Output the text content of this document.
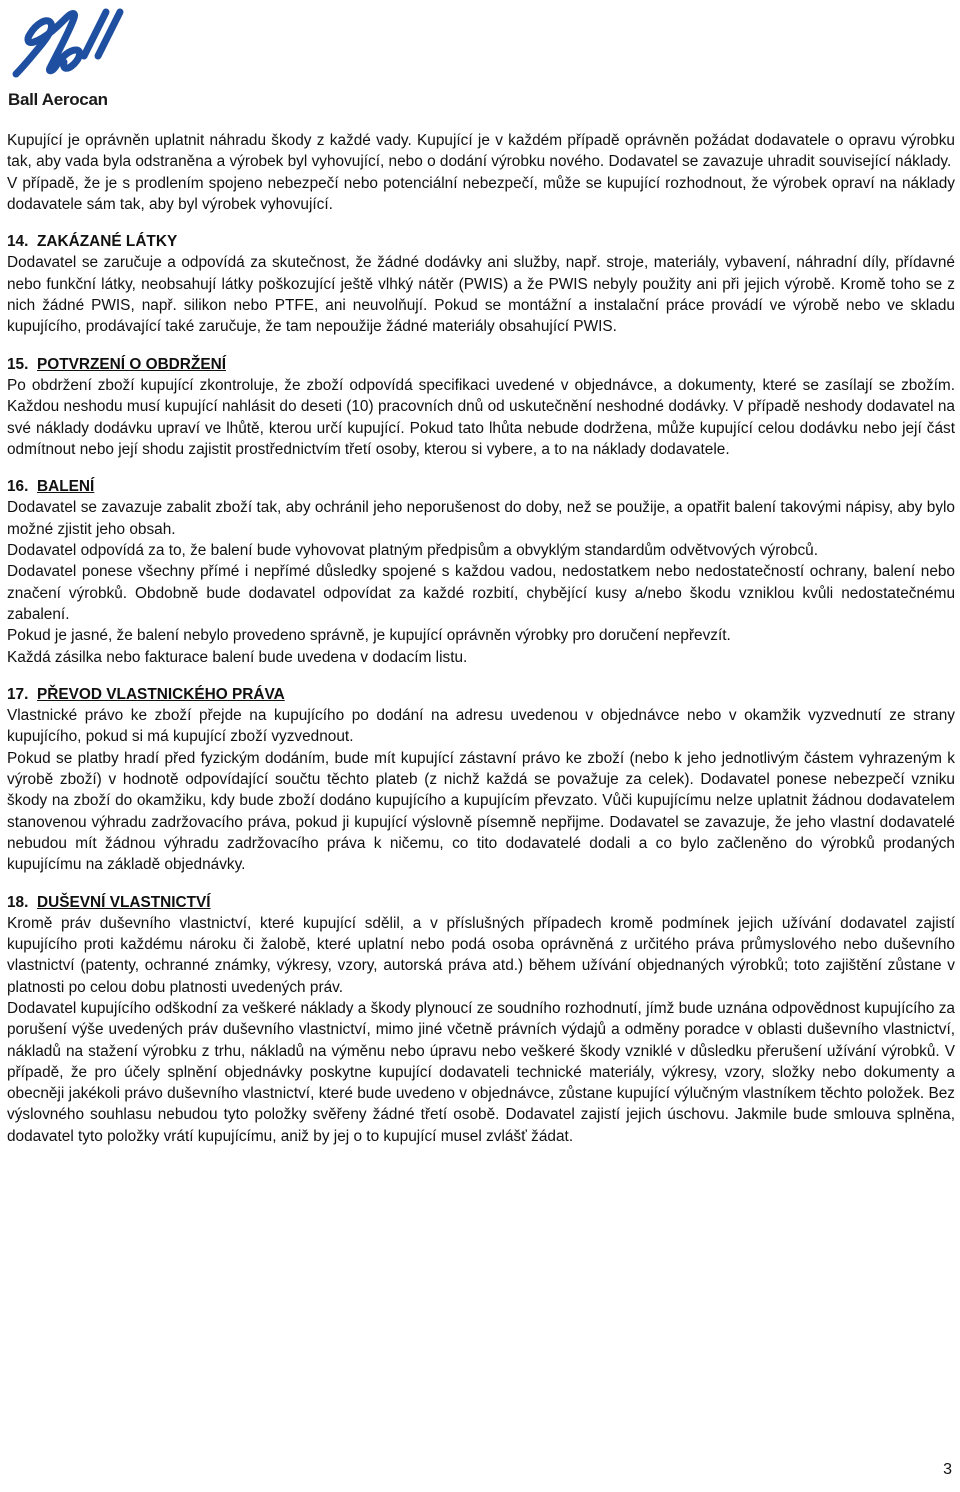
Ball Aerocan

Kupující je oprávněn uplatnit náhradu škody z každé vady. Kupující je v každém případě oprávněn požádat dodavatele o opravu výrobku tak, aby vada byla odstraněna a výrobek byl vyhovující, nebo o dodání výrobku nového. Dodavatel se zavazuje uhradit související náklady.

V případě, že je s prodlením spojeno nebezpečí nebo potenciální nebezpečí, může se kupující rozhodnout, že výrobek opraví na náklady dodavatele sám tak, aby byl výrobek vyhovující.

14. ZAKÁZANÉ LÁTKY

Dodavatel se zaručuje a odpovídá za skutečnost, že žádné dodávky ani služby, např. stroje, materiály, vybavení, náhradní díly, přídavné nebo funkční látky, neobsahují látky poškozující ještě vlhký nátěr (PWIS) a že PWIS nebyly použity ani při jejich výrobě. Kromě toho se z nich žádné PWIS, např. silikon nebo PTFE, ani neuvolňují. Pokud se montážní a instalační práce provádí ve výrobě nebo ve skladu kupujícího, prodávající také zaručuje, že tam nepoužije žádné materiály obsahující PWIS.

15. POTVRZENÍ O OBDRŽENÍ

Po obdržení zboží kupující zkontroluje, že zboží odpovídá specifikaci uvedené v objednávce, a dokumenty, které se zasílají se zbožím. Každou neshodu musí kupující nahlásit do deseti (10) pracovních dnů od uskutečnění neshodné dodávky. V případě neshody dodavatel na své náklady dodávku upraví ve lhůtě, kterou určí kupující. Pokud tato lhůta nebude dodržena, může kupující celou dodávku nebo její část odmítnout nebo její shodu zajistit prostřednictvím třetí osoby, kterou si vybere, a to na náklady dodavatele.

16. BALENÍ

Dodavatel se zavazuje zabalit zboží tak, aby ochránil jeho neporušenost do doby, než se použije, a opatřit balení takovými nápisy, aby bylo možné zjistit jeho obsah.

Dodavatel odpovídá za to, že balení bude vyhovovat platným předpisům a obvyklým standardům odvětvových výrobců.

Dodavatel ponese všechny přímé i nepřímé důsledky spojené s každou vadou, nedostatkem nebo nedostatečností ochrany, balení nebo značení výrobků. Obdobně bude dodavatel odpovídat za každé rozbití, chybějící kusy a/nebo škodu vzniklou kvůli nedostatečnému zabalení.

Pokud je jasné, že balení nebylo provedeno správně, je kupující oprávněn výrobky pro doručení nepřevzít.

Každá zásilka nebo fakturace balení bude uvedena v dodacím listu.

17. PŘEVOD VLASTNICKÉHO PRÁVA

Vlastnické právo ke zboží přejde na kupujícího po dodání na adresu uvedenou v objednávce nebo v okamžik vyzvednutí ze strany kupujícího, pokud si má kupující zboží vyzvednout.

Pokud se platby hradí před fyzickým dodáním, bude mít kupující zástavní právo ke zboží (nebo k jeho jednotlivým částem vyhrazeným k výrobě zboží) v hodnotě odpovídající součtu těchto plateb (z nichž každá se považuje za celek). Dodavatel ponese nebezpečí vzniku škody na zboží do okamžiku, kdy bude zboží dodáno kupujícího a kupujícím převzato. Vůči kupujícímu nelze uplatnit žádnou dodavatelem stanovenou výhradu zadržovacího práva, pokud ji kupující výslovně písemně nepřijme. Dodavatel se zavazuje, že jeho vlastní dodavatelé nebudou mít žádnou výhradu zadržovacího práva k ničemu, co tito dodavatelé dodali a co bylo začleněno do výrobků prodaných kupujícímu na základě objednávky.

18. DUŠEVNÍ VLASTNICTVÍ

Kromě práv duševního vlastnictví, které kupující sdělil, a v příslušných případech kromě podmínek jejich užívání dodavatel zajistí kupujícího proti každému nároku či žalobě, které uplatní nebo podá osoba oprávněná z určitého práva průmyslového nebo duševního vlastnictví (patenty, ochranné známky, výkresy, vzory, autorská práva atd.) během užívání objednaných výrobků; toto zajištění zůstane v platnosti po celou dobu platnosti uvedených práv.

Dodavatel kupujícího odškodní za veškeré náklady a škody plynoucí ze soudního rozhodnutí, jímž bude uznána odpovědnost kupujícího za porušení výše uvedených práv duševního vlastnictví, mimo jiné včetně právních výdajů a odměny poradce v oblasti duševního vlastnictví, nákladů na stažení výrobku z trhu, nákladů na výměnu nebo úpravu nebo veškeré škody vzniklé v důsledku přerušení užívání výrobků. V případě, že pro účely splnění objednávky poskytne kupující dodavateli technické materiály, výkresy, vzory, složky nebo dokumenty a obecněji jakékoli právo duševního vlastnictví, které bude uvedeno v objednávce, zůstane kupující výlučným vlastníkem těchto položek. Bez výslovného souhlasu nebudou tyto položky svěřeny žádné třetí osobě. Dodavatel zajistí jejich úschovu. Jakmile bude smlouva splněna, dodavatel tyto položky vrátí kupujícímu, aniž by jej o to kupující musel zvlášť žádat.

3
